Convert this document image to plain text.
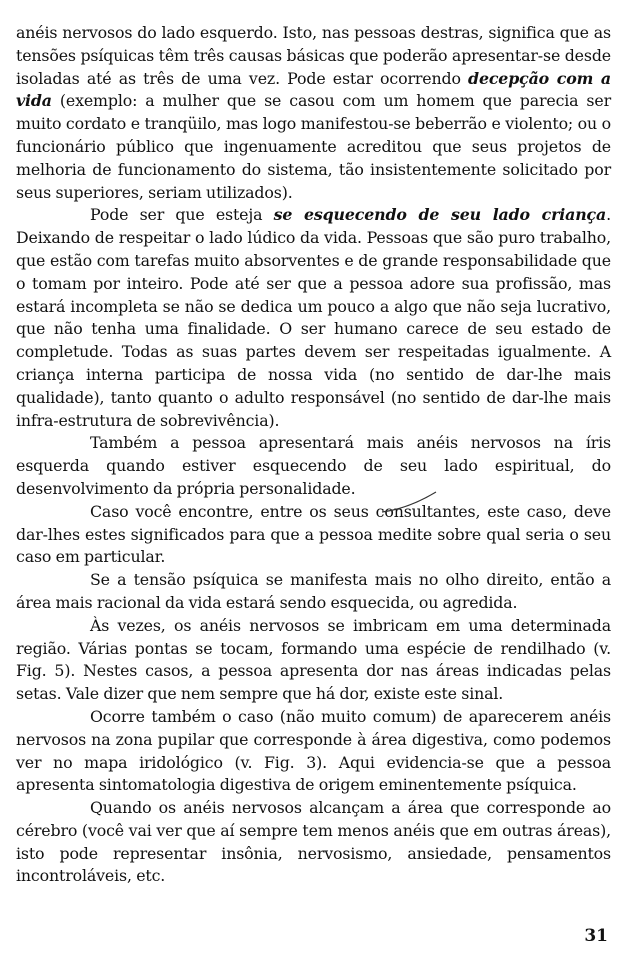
anéis nervosos do lado esquerdo. Isto, nas pessoas destras, significa que as tensões psíquicas têm três causas básicas que poderão apresentar-se desde isoladas até as três de uma vez. Pode estar ocorrendo decepção com a vida (exemplo: a mulher que se casou com um homem que parecia ser muito cordato e tranqüilo, mas logo manifestou-se beberrão e violento; ou o funcionário público que ingenuamente acreditou que seus projetos de melhoria de funcionamento do sistema, tão insistentemente solicitado por seus superiores, seriam utilizados).

Pode ser que esteja se esquecendo de seu lado criança. Deixando de respeitar o lado lúdico da vida. Pessoas que são puro trabalho, que estão com tarefas muito absorventes e de grande responsabilidade que o tomam por inteiro. Pode até ser que a pessoa adore sua profissão, mas estará incompleta se não se dedica um pouco a algo que não seja lucrativo, que não tenha uma finalidade. O ser humano carece de seu estado de completude. Todas as suas partes devem ser respeitadas igualmente. A criança interna participa de nossa vida (no sentido de dar-lhe mais qualidade), tanto quanto o adulto responsável (no sentido de dar-lhe mais infra-estrutura de sobrevivência).

Também a pessoa apresentará mais anéis nervosos na íris esquerda quando estiver esquecendo de seu lado espiritual, do desenvolvimento da própria personalidade.

Caso você encontre, entre os seus consultantes, este caso, deve dar-lhes estes significados para que a pessoa medite sobre qual seria o seu caso em particular.

Se a tensão psíquica se manifesta mais no olho direito, então a área mais racional da vida estará sendo esquecida, ou agredida.

Às vezes, os anéis nervosos se imbricam em uma determinada região. Várias pontas se tocam, formando uma espécie de rendilhado (v. Fig. 5). Nestes casos, a pessoa apresenta dor nas áreas indicadas pelas setas. Vale dizer que nem sempre que há dor, existe este sinal.

Ocorre também o caso (não muito comum) de aparecerem anéis nervosos na zona pupilar que corresponde à área digestiva, como podemos ver no mapa iridológico (v. Fig. 3). Aqui evidencia-se que a pessoa apresenta sintomatologia digestiva de origem eminentemente psíquica.

Quando os anéis nervosos alcançam a área que corresponde ao cérebro (você vai ver que aí sempre tem menos anéis que em outras áreas), isto pode representar insônia, nervosismo, ansiedade, pensamentos incontroláveis, etc.

31
